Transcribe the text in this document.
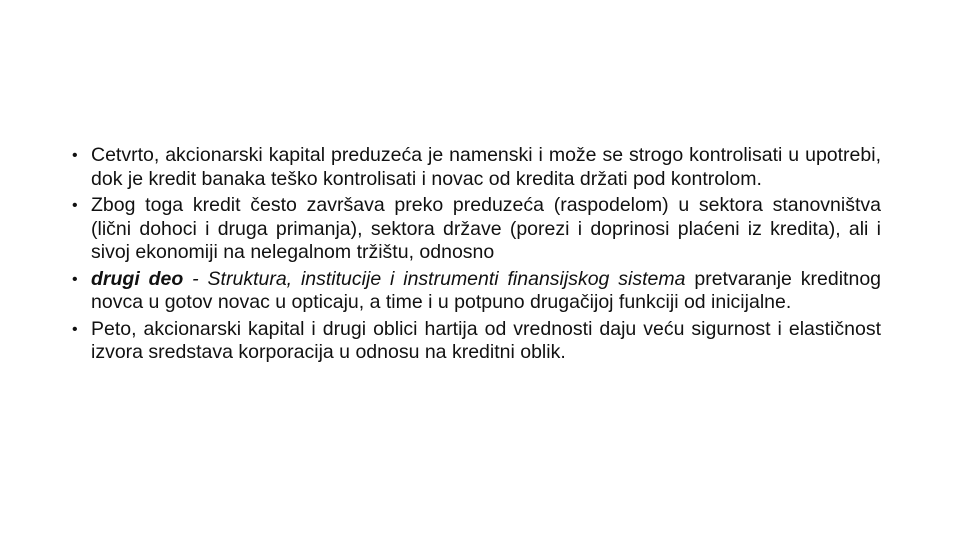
• Cetvrto, akcionarski kapital preduzeća je namenski i može se strogo kontrolisati u upotrebi, dok je kredit banaka teško kontrolisati i novac od kredita držati pod kontrolom.
• Zbog toga kredit često završava preko preduzeća (raspodelom) u sektora stanovništva (lični dohoci i druga primanja), sektora države (porezi i doprinosi plaćeni iz kredita), ali i sivoj ekonomiji na nelegalnom tržištu, odnosno
• drugi deo - Struktura, institucije i instrumenti finansijskog sistema pretvaranje kreditnog novca u gotov novac u opticaju, a time i u potpuno drugačijoj funkciji od inicijalne.
• Peto, akcionarski kapital i drugi oblici hartija od vrednosti daju veću sigurnost i elastičnost izvora sredstava korporacija u odnosu na kreditni oblik.
